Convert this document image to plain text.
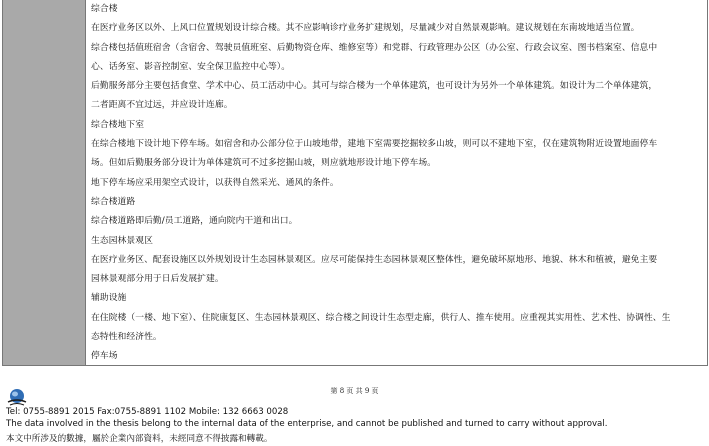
综合楼
在医疗业务区以外、上风口位置规划设计综合楼。其不应影响诊疗业务扩建规划，尽量减少对自然景观影响。建议规划在东南坡地适当位置。
综合楼包括值班宿舍（含宿舍、驾驶员值班室、后勤物资仓库、维修室等）和党群、行政管理办公区（办公室、行政会议室、图书档案室、信息中
心、话务室、影音控制室、安全保卫监控中心等）。
后勤服务部分主要包括食堂、学术中心、员工活动中心。其可与综合楼为一个单体建筑，也可设计为另外一个单体建筑。如设计为二个单体建筑，
二者距离不宜过远，并应设计连廊。
综合楼地下室
在综合楼地下设计地下停车场。如宿舍和办公部分位于山坡地带，建地下室需要挖掘较多山坡，则可以不建地下室，仅在建筑物附近设置地面停车
场。但如后勤服务部分设计为单体建筑可不过多挖掘山坡，则应就地形设计地下停车场。
地下停车场应采用架空式设计，以获得自然采光、通风的条件。
综合楼道路
综合楼道路即后勤/员工道路，通向院内干道和出口。
生态园林景观区
在医疗业务区、配套设施区以外规划设计生态园林景观区。应尽可能保持生态园林景观区整体性，避免破坏原地形、地貌、林木和植被，避免主要
园林景观部分用于日后发展扩建。
辅助设施
在住院楼（一楼、地下室）、住院康复区、生态园林景观区、综合楼之间设计生态型走廊，供行人、推车使用。应重视其实用性、艺术性、协调性、生
态特性和经济性。
停车场
第 8 页 共 9 页
Tel: 0755-8891 2015 Fax:0755-8891 1102 Mobile: 132 6663 0028
The data involved in the thesis belong to the internal data of the enterprise, and cannot be published and turned to carry without approval.
本文中所涉及的數據，屬於企業內部資料，未經同意不得披露和轉載。
